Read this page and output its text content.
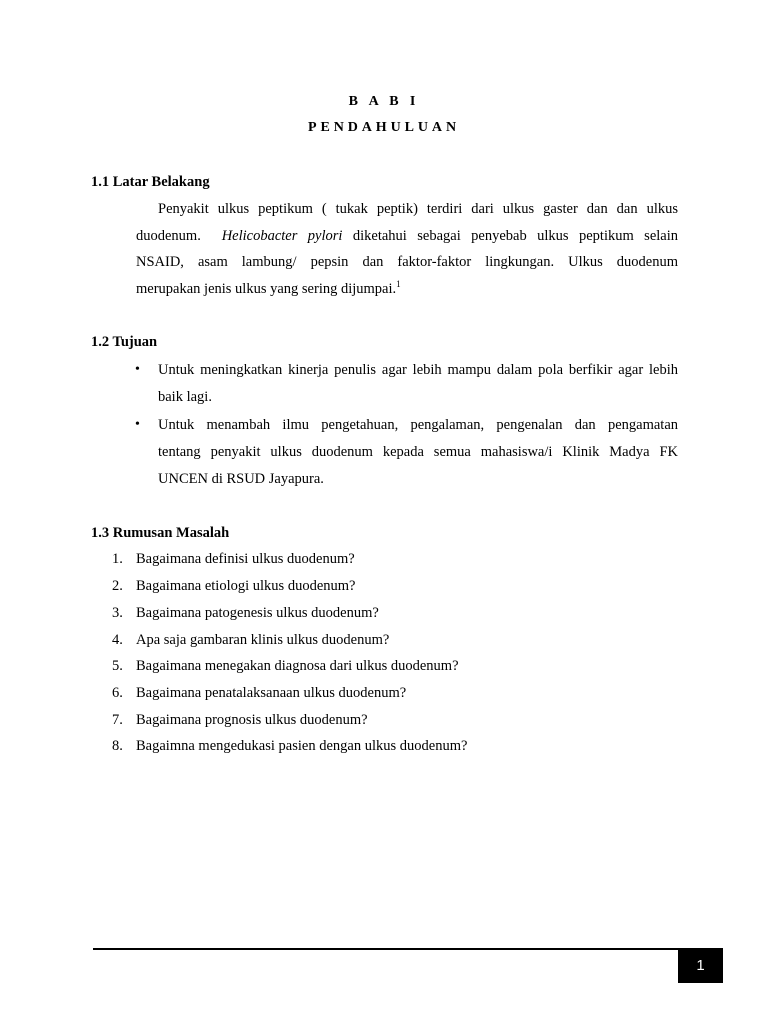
B A B I
PENDAHULUAN
1.1 Latar Belakang
Penyakit ulkus peptikum ( tukak peptik) terdiri dari ulkus gaster dan dan ulkus
duodenum. Helicobacter pylori diketahui sebagai penyebab ulkus peptikum selain
NSAID, asam lambung/ pepsin dan faktor-faktor lingkungan. Ulkus duodenum
merupakan jenis ulkus yang sering dijumpai.$^1$
1.2 Tujuan
• Untuk meningkatkan kinerja penulis agar lebih mampu dalam pola berfikir agar lebih
baik lagi.
• Untuk menambah ilmu pengetahuan, pengalaman, pengenalan dan pengamatan
tentang penyakit ulkus duodenum kepada semua mahasiswa/i Klinik Madya FK
UNCEN di RSUD Jayapura.
1.3 Rumusan Masalah
1. Bagaimana definisi ulkus duodenum?
2. Bagaimana etiologi ulkus duodenum?
3. Bagaimana patogenesis ulkus duodenum?
4. Apa saja gambaran klinis ulkus duodenum?
5. Bagaimana menegakan diagnosa dari ulkus duodenum?
6. Bagaimana penatalaksanaan ulkus duodenum?
7. Bagaimana prognosis ulkus duodenum?
8. Bagaimna mengedukasi pasien dengan ulkus duodenum?
1
